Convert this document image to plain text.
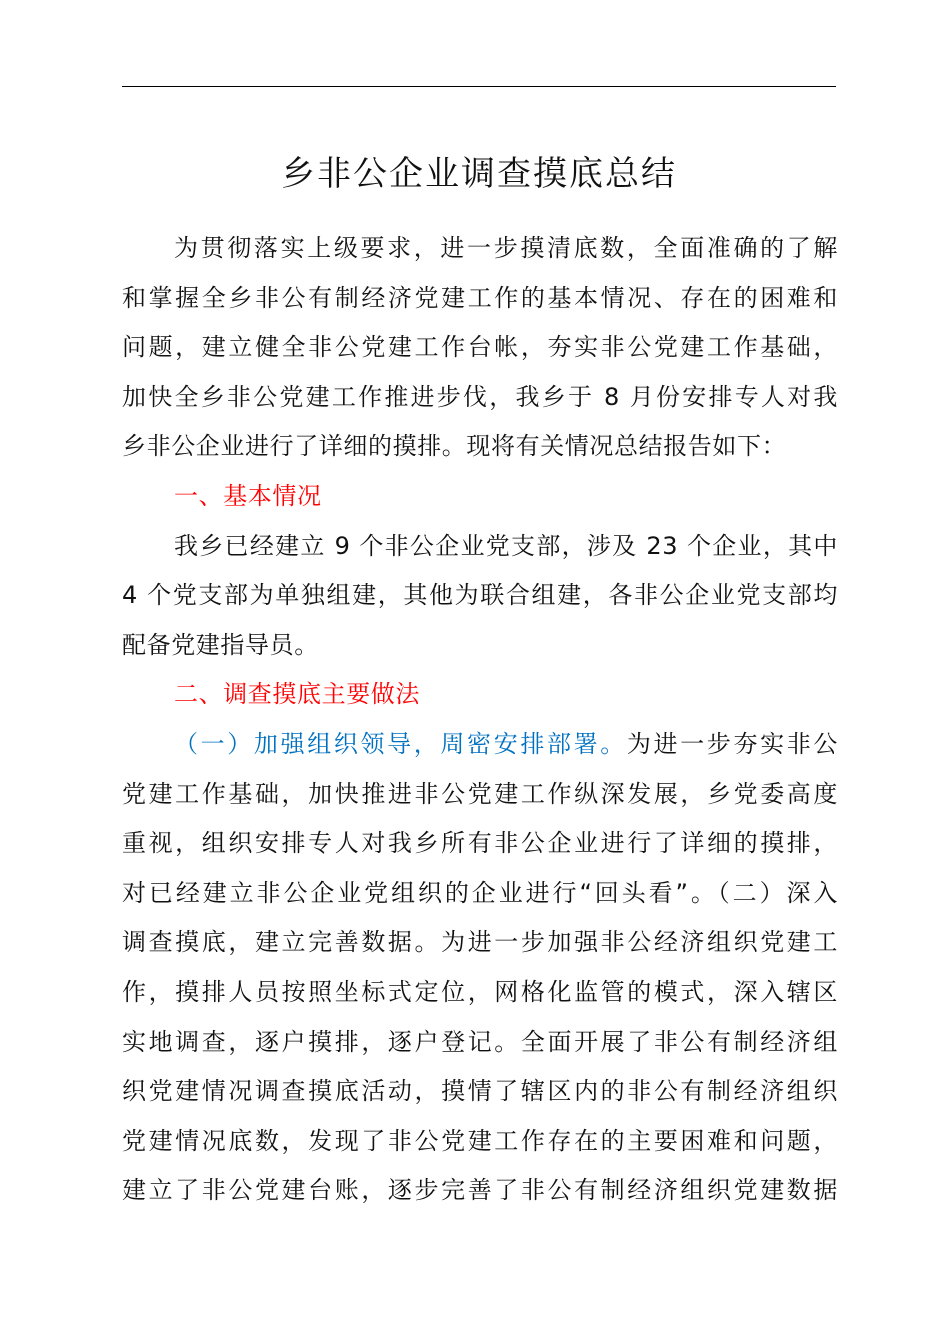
乡非公企业调查摸底总结
为贯彻落实上级要求，进一步摸清底数，全面准确的了解
和掌握全乡非公有制经济党建工作的基本情况、存在的困难和
问题，建立健全非公党建工作台帐，夯实非公党建工作基础，
加快全乡非公党建工作推进步伐，我乡于 8 月份安排专人对我
乡非公企业进行了详细的摸排。现将有关情况总结报告如下：
一、基本情况
我乡已经建立 9 个非公企业党支部，涉及 23 个企业，其中
4 个党支部为单独组建，其他为联合组建，各非公企业党支部均
配备党建指导员。
二、调查摸底主要做法
（一）加强组织领导，周密安排部署。为进一步夯实非公
党建工作基础，加快推进非公党建工作纵深发展，乡党委高度
重视，组织安排专人对我乡所有非公企业进行了详细的摸排，
对已经建立非公企业党组织的企业进行“回头看”。（二）深入
调查摸底，建立完善数据。为进一步加强非公经济组织党建工
作，摸排人员按照坐标式定位，网格化监管的模式，深入辖区
实地调查，逐户摸排，逐户登记。全面开展了非公有制经济组
织党建情况调查摸底活动，摸情了辖区内的非公有制经济组织
党建情况底数，发现了非公党建工作存在的主要困难和问题，
建立了非公党建台账，逐步完善了非公有制经济组织党建数据
